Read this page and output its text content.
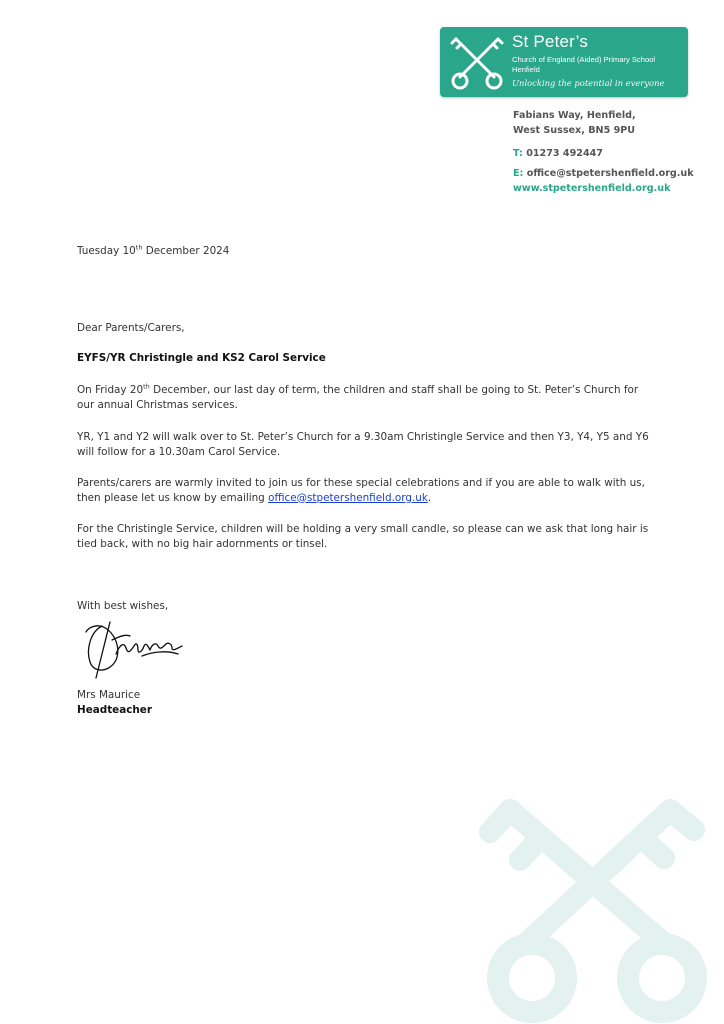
St Peter’s
Church of England (Aided) Primary School
Henfield
Unlocking the potential in everyone
Fabians Way, Henfield,
West Sussex, BN5 9PU
T: 01273 492447
E: office@stpetershenfield.org.uk
www.stpetershenfield.org.uk
Tuesday 10th December 2024
Dear Parents/Carers,
EYFS/YR Christingle and KS2 Carol Service
On Friday 20th December, our last day of term, the children and staff shall be going to St. Peter’s Church for our annual Christmas services.
YR, Y1 and Y2 will walk over to St. Peter’s Church for a 9.30am Christingle Service and then Y3, Y4, Y5 and Y6 will follow for a 10.30am Carol Service.
Parents/carers are warmly invited to join us for these special celebrations and if you are able to walk with us, then please let us know by emailing office@stpetershenfield.org.uk.
For the Christingle Service, children will be holding a very small candle, so please can we ask that long hair is tied back, with no big hair adornments or tinsel.
With best wishes,
Mrs Maurice
Headteacher
